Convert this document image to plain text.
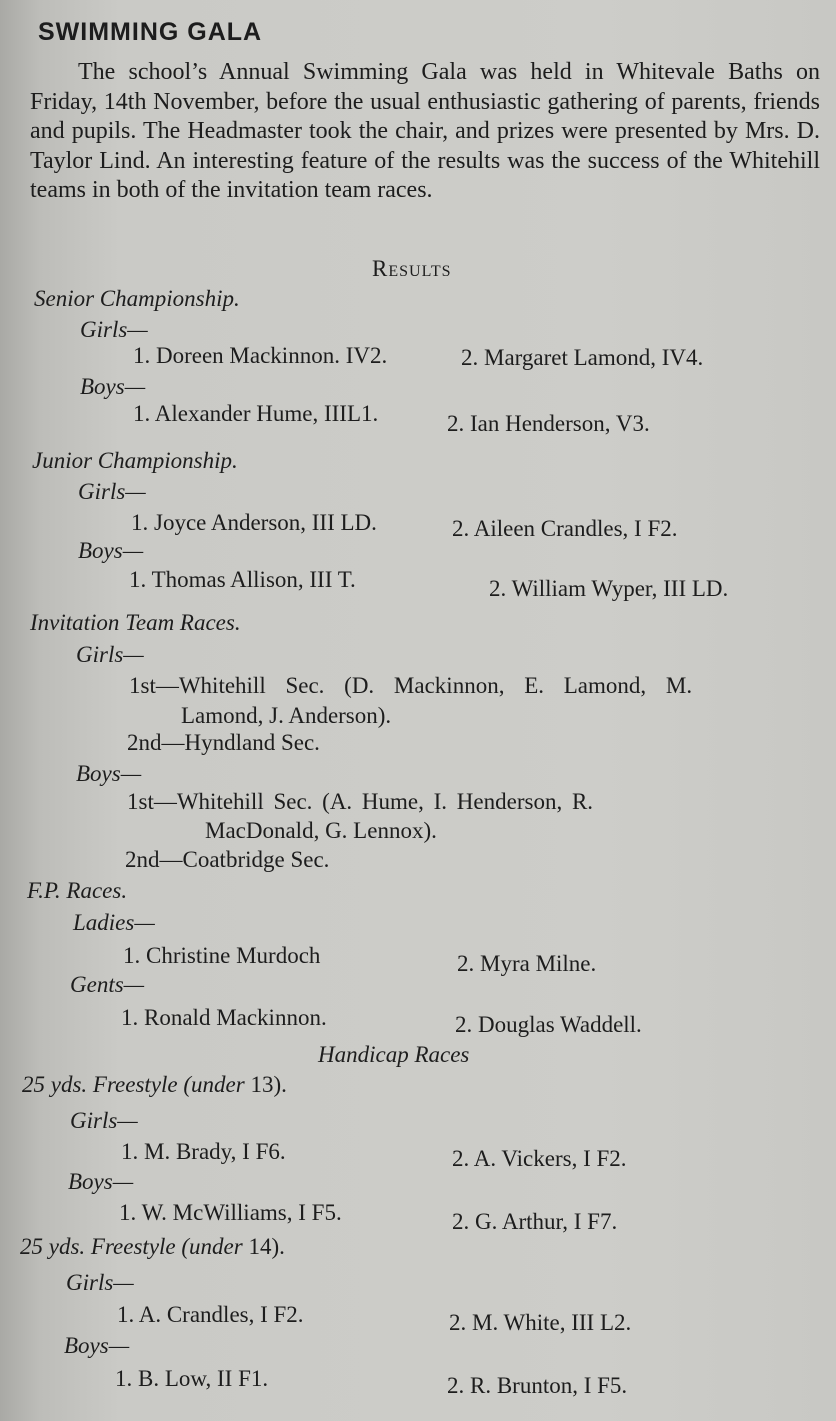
SWIMMING GALA

The school’s Annual Swimming Gala was held in Whitevale Baths on Friday, 14th November, before the usual enthusiastic gathering of parents, friends and pupils. The Headmaster took the chair, and prizes were presented by Mrs. D. Taylor Lind. An interesting feature of the results was the success of the Whitehill teams in both of the invitation team races.

Results
Senior Championship.
Girls—
1. Doreen Mackinnon. IV2.	2. Margaret Lamond, IV4.
Boys—
1. Alexander Hume, IIIL1.	2. Ian Henderson, V3.
Junior Championship.
Girls—
1. Joyce Anderson, III LD.	2. Aileen Crandles, I F2.
Boys—
1. Thomas Allison, III T.	2. William Wyper, III LD.
Invitation Team Races.
Girls—
1st—Whitehill Sec. (D. Mackinnon, E. Lamond, M.
Lamond, J. Anderson).
2nd—Hyndland Sec.
Boys—
1st—Whitehill Sec. (A. Hume, I. Henderson, R.
MacDonald, G. Lennox).
2nd—Coatbridge Sec.
F.P. Races.
Ladies—
1. Christine Murdoch	2. Myra Milne.
Gents—
1. Ronald Mackinnon.	2. Douglas Waddell.
Handicap Races
25 yds. Freestyle (under 13).
Girls—
1. M. Brady, I F6.	2. A. Vickers, I F2.
Boys—
1. W. McWilliams, I F5.	2. G. Arthur, I F7.
25 yds. Freestyle (under 14).
Girls—
1. A. Crandles, I F2.	2. M. White, III L2.
Boys—
1. B. Low, II F1.	2. R. Brunton, I F5.
